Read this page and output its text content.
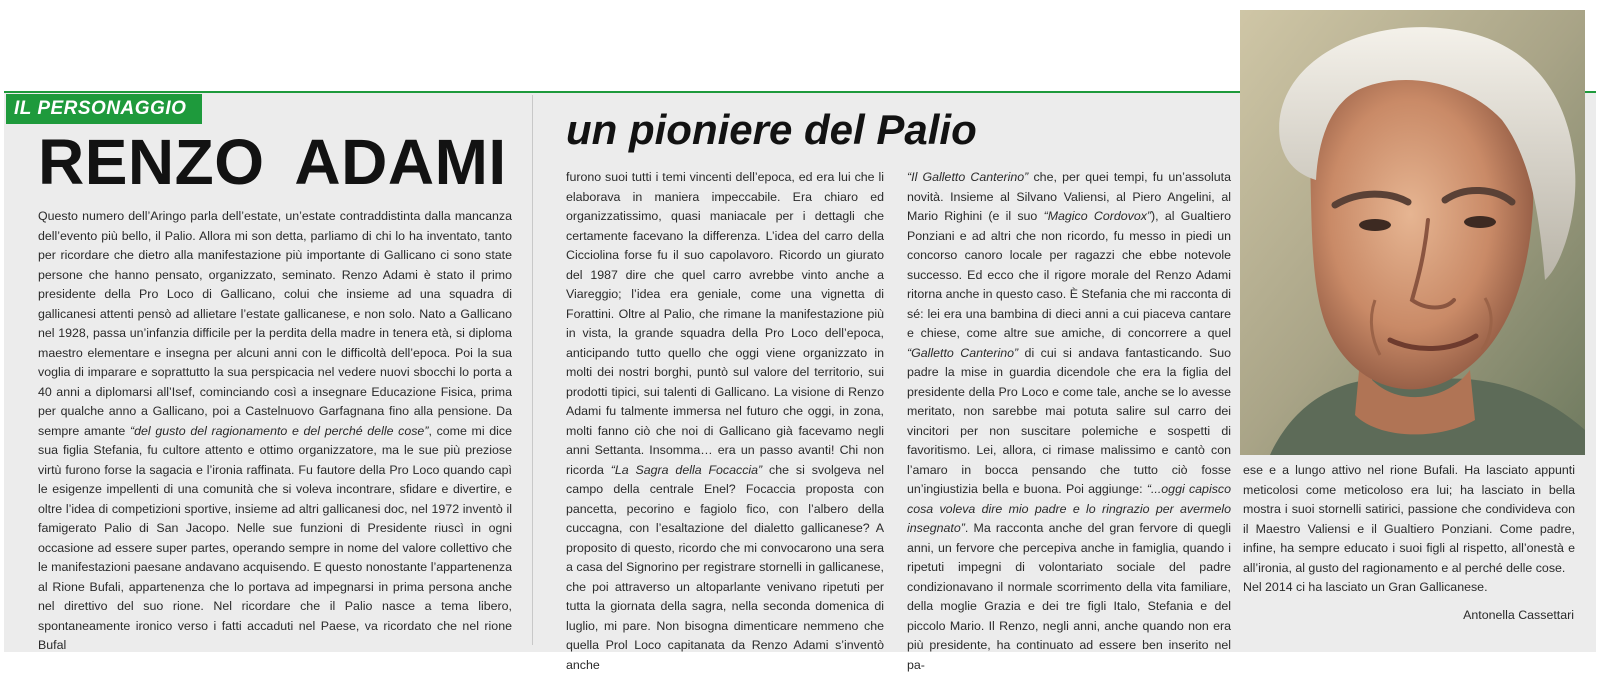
IL PERSONAGGIO
RENZO ADAMI un pioniere del Palio

Questo numero dell’Aringo parla dell’estate, un’estate contraddistinta dalla mancanza dell’evento più bello, il Palio. Allora mi son detta, parliamo di chi lo ha inventato, tanto per ricordare che dietro alla manifestazione più importante di Gallicano ci sono state persone che hanno pensato, organizzato, seminato. Renzo Adami è stato il primo presidente della Pro Loco di Gallicano, colui che insieme ad una squadra di gallicanesi attenti pensò ad allietare l’estate gallicanese, e non solo. Nato a Gallicano nel 1928, passa un’infanzia difficile per la perdita della madre in tenera età, si diploma maestro elementare e insegna per alcuni anni con le difficoltà dell’epoca. Poi la sua voglia di imparare e soprattutto la sua perspicacia nel vedere nuovi sbocchi lo porta a 40 anni a diplomarsi all’Isef, cominciando così a insegnare Educazione Fisica, prima per qualche anno a Gallicano, poi a Castelnuovo Garfagnana fino alla pensione. Da sempre amante “del gusto del ragionamento e del perché delle cose”, come mi dice sua figlia Stefania, fu cultore attento e ottimo organizzatore, ma le sue più preziose virtù furono forse la sagacia e l’ironia raffinata. Fu fautore della Pro Loco quando capì le esigenze impellenti di una comunità che si voleva incontrare, sfidare e divertire, e oltre l’idea di competizioni sportive, insieme ad altri gallicanesi doc, nel 1972 inventò il famigerato Palio di San Jacopo. Nelle sue funzioni di Presidente riuscì in ogni occasione ad essere super partes, operando sempre in nome del valore collettivo che le manifestazioni paesane andavano acquisendo. E questo nonostante l’appartenenza al Rione Bufali, appartenenza che lo portava ad impegnarsi in prima persona anche nel direttivo del suo rione. Nel ricordare che il Palio nasce a tema libero, spontaneamente ironico verso i fatti accaduti nel Paese, va ricordato che nel rione Bufal

furono suoi tutti i temi vincenti dell’epoca, ed era lui che li elaborava in maniera impeccabile. Era chiaro ed organizzatissimo, quasi maniacale per i dettagli che certamente facevano la differenza. L’idea del carro della Cicciolina forse fu il suo capolavoro. Ricordo un giurato del 1987 dire che quel carro avrebbe vinto anche a Viareggio; l’idea era geniale, come una vignetta di Forattini. Oltre al Palio, che rimane la manifestazione più in vista, la grande squadra della Pro Loco dell’epoca, anticipando tutto quello che oggi viene organizzato in molti dei nostri borghi, puntò sul valore del territorio, sui prodotti tipici, sui talenti di Gallicano. La visione di Renzo Adami fu talmente immersa nel futuro che oggi, in zona, molti fanno ciò che noi di Gallicano già facevamo negli anni Settanta. Insomma… era un passo avanti! Chi non ricorda “La Sagra della Focaccia” che si svolgeva nel campo della centrale Enel? Focaccia proposta con pancetta, pecorino e fagiolo fico, con l’albero della cuccagna, con l’esaltazione del dialetto gallicanese? A proposito di questo, ricordo che mi convocarono una sera a casa del Signorino per registrare stornelli in gallicanese, che poi attraverso un altoparlante venivano ripetuti per tutta la giornata della sagra, nella seconda domenica di luglio, mi pare. Non bisogna dimenticare nemmeno che quella Prol Loco capitanata da Renzo Adami s’inventò anche

“Il Galletto Canterino” che, per quei tempi, fu un’assoluta novità. Insieme al Silvano Valiensi, al Piero Angelini, al Mario Righini (e il suo “Magico Cordovox”), al Gualtiero Ponziani e ad altri che non ricordo, fu messo in piedi un concorso canoro locale per ragazzi che ebbe notevole successo. Ed ecco che il rigore morale del Renzo Adami ritorna anche in questo caso. È Stefania che mi racconta di sé: lei era una bambina di dieci anni a cui piaceva cantare e chiese, come altre sue amiche, di concorrere a quel “Galletto Canterino” di cui si andava fantasticando. Suo padre la mise in guardia dicendole che era la figlia del presidente della Pro Loco e come tale, anche se lo avesse meritato, non sarebbe mai potuta salire sul carro dei vincitori per non suscitare polemiche e sospetti di favoritismo. Lei, allora, ci rimase malissimo e cantò con l’amaro in bocca pensando che tutto ciò fosse un’ingiustizia bella e buona. Poi aggiunge: “...oggi capisco cosa voleva dire mio padre e lo ringrazio per avermelo insegnato”. Ma racconta anche del gran fervore di quegli anni, un fervore che percepiva anche in famiglia, quando i ripetuti impegni di volontariato sociale del padre condizionavano il normale scorrimento della vita familiare, della moglie Grazia e dei tre figli Italo, Stefania e del piccolo Mario. Il Renzo, negli anni, anche quando non era più presidente, ha continuato ad essere ben inserito nel pa-

ese e a lungo attivo nel rione Bufali. Ha lasciato appunti meticolosi come meticoloso era lui; ha lasciato in bella mostra i suoi stornelli satirici, passione che condivideva con il Maestro Valiensi e il Gualtiero Ponziani. Come padre, infine, ha sempre educato i suoi figli al rispetto, all’onestà e all’ironia, al gusto del ragionamento e al perché delle cose.

Nel 2014 ci ha lasciato un Gran Gallicanese.

Antonella Cassettari
